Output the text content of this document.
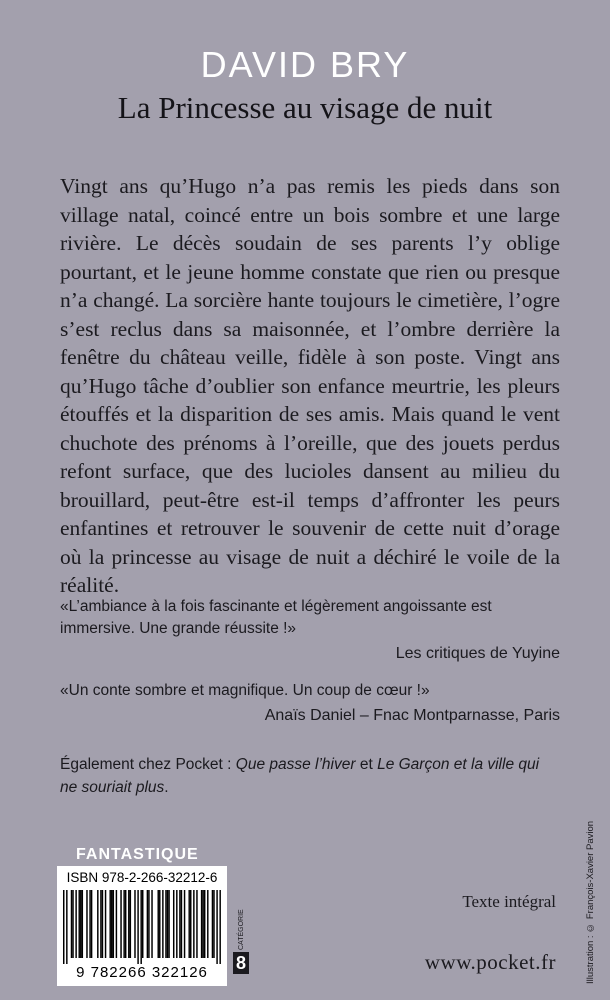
DAVID BRY
La Princesse au visage de nuit

Vingt ans qu’Hugo n’a pas remis les pieds dans son village natal, coincé entre un bois sombre et une large rivière. Le décès soudain de ses parents l’y oblige pourtant, et le jeune homme constate que rien ou presque n’a changé. La sorcière hante toujours le cimetière, l’ogre s’est reclus dans sa maisonnée, et l’ombre derrière la fenêtre du château veille, fidèle à son poste. Vingt ans qu’Hugo tâche d’oublier son enfance meurtrie, les pleurs étouffés et la disparition de ses amis. Mais quand le vent chuchote des prénoms à l’oreille, que des jouets perdus refont surface, que des lucioles dansent au milieu du brouillard, peut-être est-il temps d’affronter les peurs enfantines et retrouver le souvenir de cette nuit d’orage où la princesse au visage de nuit a déchiré le voile de la réalité.

«L’ambiance à la fois fascinante et légèrement angoissante est immersive. Une grande réussite !»

Les critiques de Yuyine

«Un conte sombre et magnifique. Un coup de cœur !»

Anaïs Daniel – Fnac Montparnasse, Paris

Également chez Pocket : Que passe l’hiver et Le Garçon et la ville qui ne souriait plus.
FANTASTIQUE
ISBN 978-2-266-32212-6
9 782266 322126
CATÉGORIE
8
Texte intégral
www.pocket.fr	Illustration : © François-Xavier Pavion
